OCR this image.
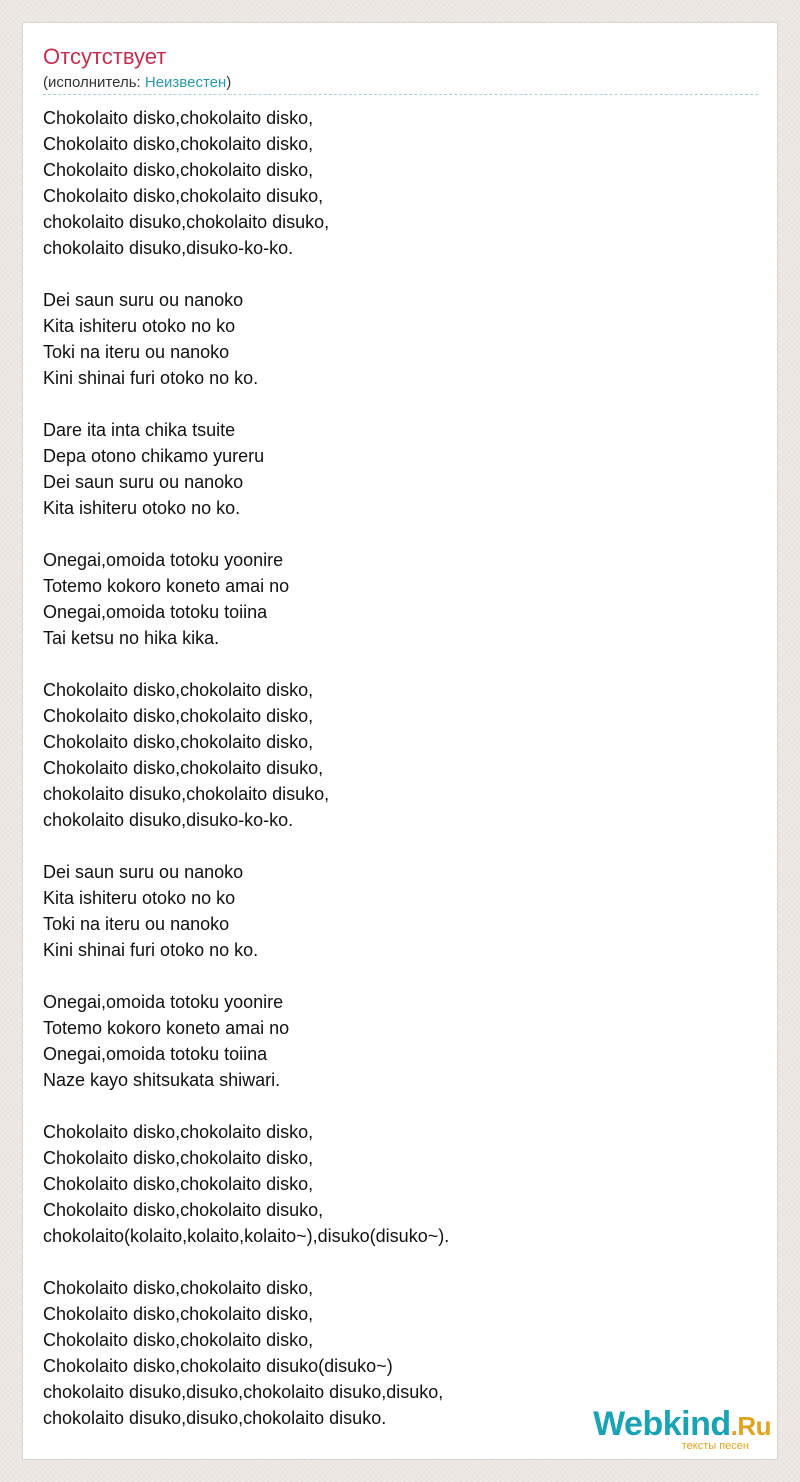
Отсутствует
(исполнитель: Неизвестен)
Chokolaito disko,chokolaito disko,
Chokolaito disko,chokolaito disko,
Chokolaito disko,chokolaito disko,
Chokolaito disko,chokolaito disuko,
chokolaito disuko,chokolaito disuko,
chokolaito disuko,disuko-ko-ko.
Dei saun suru ou nanoko
Kita ishiteru otoko no ko
Toki na iteru ou nanoko
Kini shinai furi otoko no ko.
Dare ita inta chika tsuite
Depa otono chikamo yureru
Dei saun suru ou nanoko
Kita ishiteru otoko no ko.
Onegai,omoida totoku yoonire
Totemo kokoro koneto amai no
Onegai,omoida totoku toiina
Tai ketsu no hika kika.
Chokolaito disko,chokolaito disko,
Chokolaito disko,chokolaito disko,
Chokolaito disko,chokolaito disko,
Chokolaito disko,chokolaito disuko,
chokolaito disuko,chokolaito disuko,
chokolaito disuko,disuko-ko-ko.
Dei saun suru ou nanoko
Kita ishiteru otoko no ko
Toki na iteru ou nanoko
Kini shinai furi otoko no ko.
Onegai,omoida totoku yoonire
Totemo kokoro koneto amai no
Onegai,omoida totoku toiina
Naze kayo shitsukata shiwari.
Chokolaito disko,chokolaito disko,
Chokolaito disko,chokolaito disko,
Chokolaito disko,chokolaito disko,
Chokolaito disko,chokolaito disuko,
chokolaito(kolaito,kolaito,kolaito~),disuko(disuko~).
Chokolaito disko,chokolaito disko,
Chokolaito disko,chokolaito disko,
Chokolaito disko,chokolaito disko,
Chokolaito disko,chokolaito disuko(disuko~)
chokolaito disuko,disuko,chokolaito disuko,disuko,
chokolaito disuko,disuko,chokolaito disuko.	Webkind.Ru
тексты песен
